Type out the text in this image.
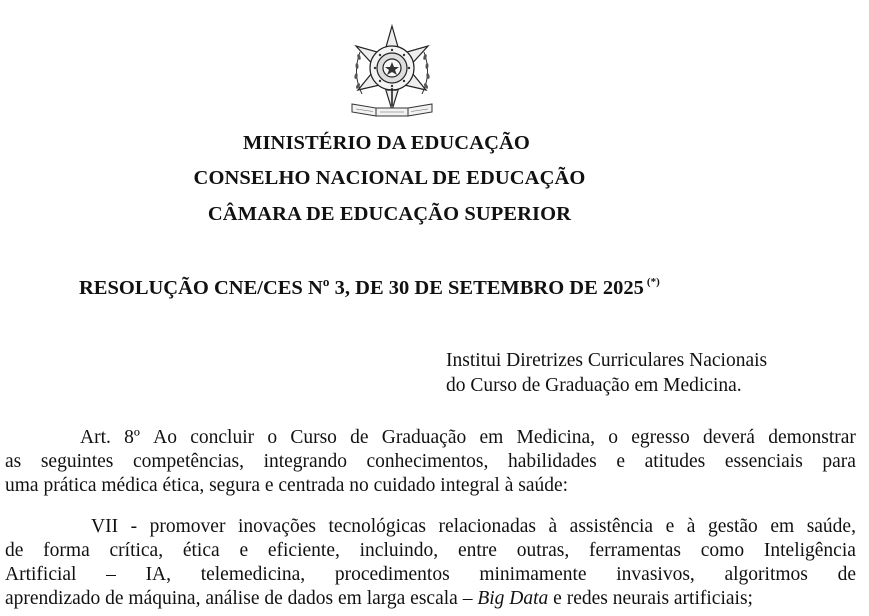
MINISTÉRIO DA EDUCAÇÃO
CONSELHO NACIONAL DE EDUCAÇÃO
CÂMARA DE EDUCAÇÃO SUPERIOR
RESOLUÇÃO CNE/CES Nº 3, DE 30 DE SETEMBRO DE 2025 (*)
Institui Diretrizes Curriculares Nacionais
do Curso de Graduação em Medicina.
Art. 8º Ao concluir o Curso de Graduação em Medicina, o egresso deverá demonstrar
as seguintes competências, integrando conhecimentos, habilidades e atitudes essenciais para
uma prática médica ética, segura e centrada no cuidado integral à saúde:
VII - promover inovações tecnológicas relacionadas à assistência e à gestão em saúde,
de forma crítica, ética e eficiente, incluindo, entre outras, ferramentas como Inteligência
Artificial – IA, telemedicina, procedimentos minimamente invasivos, algoritmos de
aprendizado de máquina, análise de dados em larga escala – Big Data e redes neurais artificiais;
